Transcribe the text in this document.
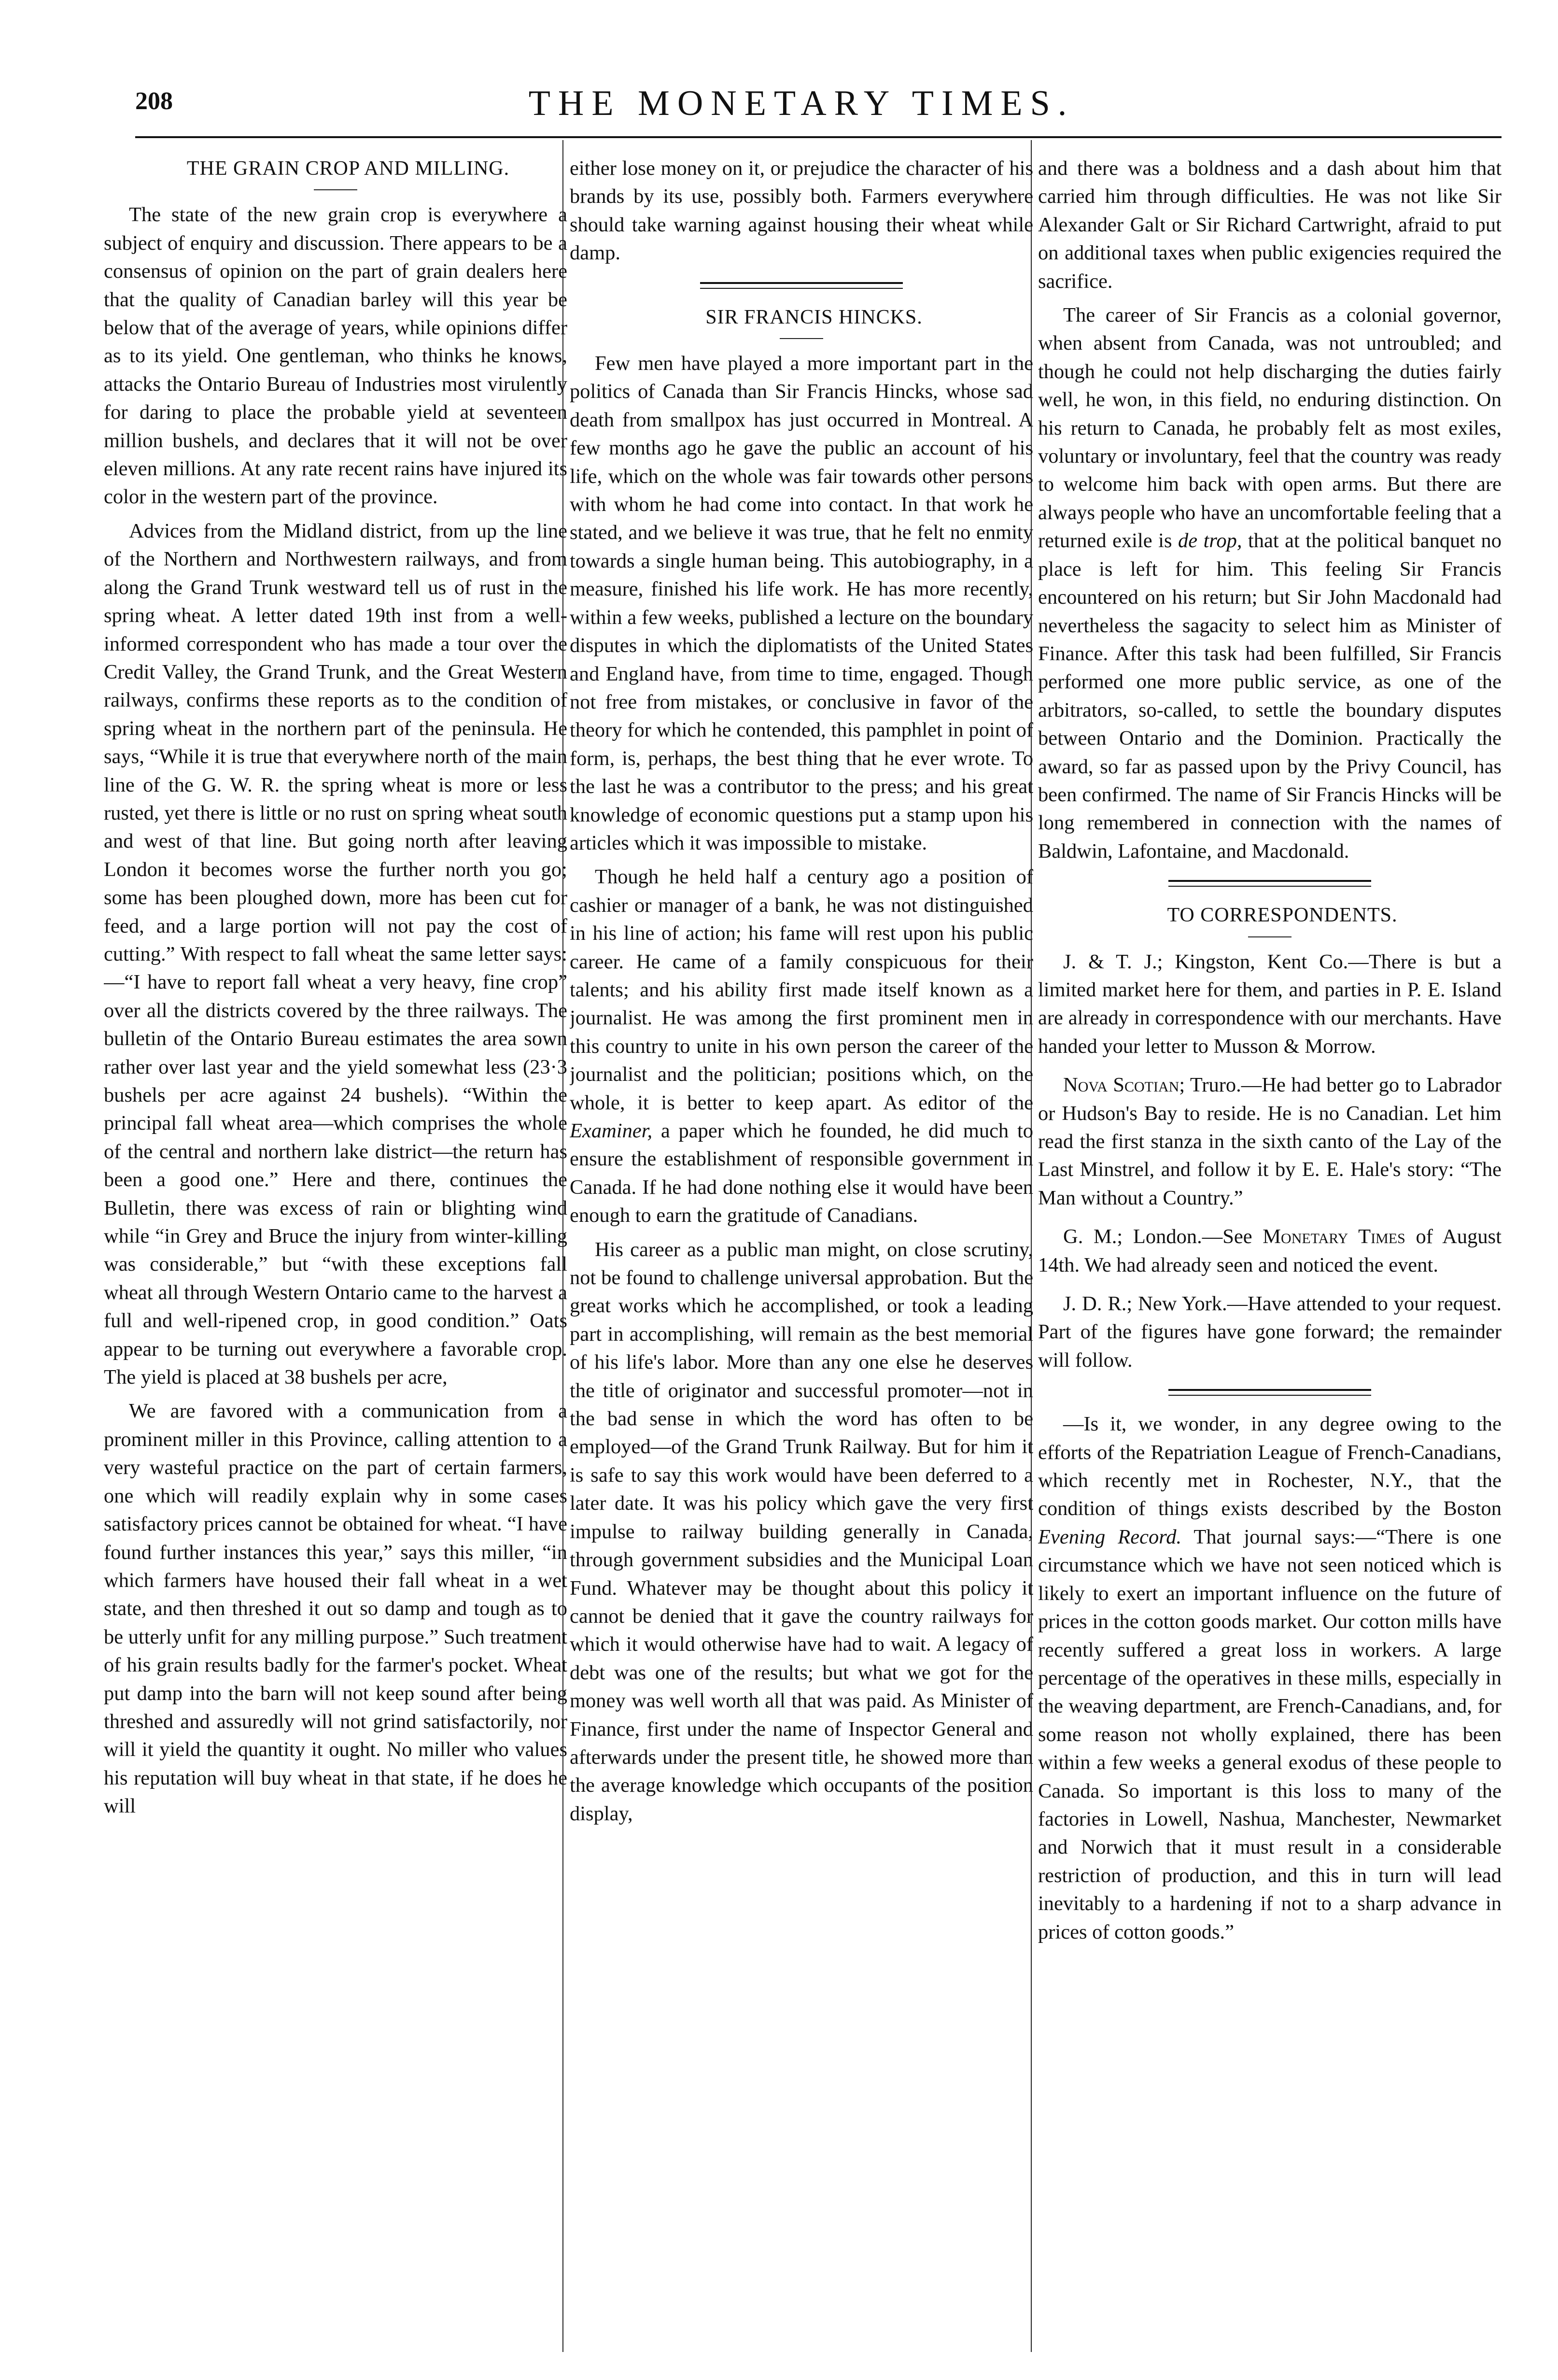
208	THE MONETARY TIMES.

THE GRAIN CROP AND MILLING.

The state of the new grain crop is everywhere a subject of enquiry and discussion. There appears to be a consensus of opinion on the part of grain dealers here that the quality of Canadian barley will this year be below that of the average of years, while opinions differ as to its yield. One gentleman, who thinks he knows, attacks the Ontario Bureau of Industries most virulently for daring to place the probable yield at seventeen million bushels, and declares that it will not be over eleven millions. At any rate recent rains have injured its color in the western part of the province.

Advices from the Midland district, from up the line of the Northern and Northwestern railways, and from along the Grand Trunk westward tell us of rust in the spring wheat. A letter dated 19th inst from a well-informed correspondent who has made a tour over the Credit Valley, the Grand Trunk, and the Great Western railways, confirms these reports as to the condition of spring wheat in the northern part of the peninsula. He says, “While it is true that everywhere north of the main line of the G. W. R. the spring wheat is more or less rusted, yet there is little or no rust on spring wheat south and west of that line. But going north after leaving London it becomes worse the further north you go; some has been ploughed down, more has been cut for feed, and a large portion will not pay the cost of cutting.” With respect to fall wheat the same letter says:—“I have to report fall wheat a very heavy, fine crop” over all the districts covered by the three railways. The bulletin of the Ontario Bureau estimates the area sown rather over last year and the yield somewhat less (23·3 bushels per acre against 24 bushels). “Within the principal fall wheat area—which comprises the whole of the central and northern lake district—the return has been a good one.” Here and there, continues the Bulletin, there was excess of rain or blighting wind while “in Grey and Bruce the injury from winter-killing was considerable,” but “with these exceptions fall wheat all through Western Ontario came to the harvest a full and well-ripened crop, in good condition.” Oats appear to be turning out everywhere a favorable crop. The yield is placed at 38 bushels per acre,

We are favored with a communication from a prominent miller in this Province, calling attention to a very wasteful practice on the part of certain farmers, one which will readily explain why in some cases satisfactory prices cannot be obtained for wheat. “I have found further instances this year,” says this miller, “in which farmers have housed their fall wheat in a wet state, and then threshed it out so damp and tough as to be utterly unfit for any milling purpose.” Such treatment of his grain results badly for the farmer's pocket. Wheat put damp into the barn will not keep sound after being threshed and assuredly will not grind satisfactorily, nor will it yield the quantity it ought. No miller who values his reputation will buy wheat in that state, if he does he will

either lose money on it, or prejudice the character of his brands by its use, possibly both. Farmers everywhere should take warning against housing their wheat while damp.

SIR FRANCIS HINCKS.

Few men have played a more important part in the politics of Canada than Sir Francis Hincks, whose sad death from smallpox has just occurred in Montreal. A few months ago he gave the public an account of his life, which on the whole was fair towards other persons with whom he had come into contact. In that work he stated, and we believe it was true, that he felt no enmity towards a single human being. This autobiography, in a measure, finished his life work. He has more recently, within a few weeks, published a lecture on the boundary disputes in which the diplomatists of the United States and England have, from time to time, engaged. Though not free from mistakes, or conclusive in favor of the theory for which he contended, this pamphlet in point of form, is, perhaps, the best thing that he ever wrote. To the last he was a contributor to the press; and his great knowledge of economic questions put a stamp upon his articles which it was impossible to mistake.

Though he held half a century ago a position of cashier or manager of a bank, he was not distinguished in his line of action; his fame will rest upon his public career. He came of a family conspicuous for their talents; and his ability first made itself known as a journalist. He was among the first prominent men in this country to unite in his own person the career of the journalist and the politician; positions which, on the whole, it is better to keep apart. As editor of the Examiner, a paper which he founded, he did much to ensure the establishment of responsible government in Canada. If he had done nothing else it would have been enough to earn the gratitude of Canadians.

His career as a public man might, on close scrutiny, not be found to challenge universal approbation. But the great works which he accomplished, or took a leading part in accomplishing, will remain as the best memorial of his life's labor. More than any one else he deserves the title of originator and successful promoter—not in the bad sense in which the word has often to be employed—of the Grand Trunk Railway. But for him it is safe to say this work would have been deferred to a later date. It was his policy which gave the very first impulse to railway building generally in Canada, through government subsidies and the Municipal Loan Fund. Whatever may be thought about this policy it cannot be denied that it gave the country railways for which it would otherwise have had to wait. A legacy of debt was one of the results; but what we got for the money was well worth all that was paid. As Minister of Finance, first under the name of Inspector General and afterwards under the present title, he showed more than the average knowledge which occupants of the position display,

and there was a boldness and a dash about him that carried him through difficulties. He was not like Sir Alexander Galt or Sir Richard Cartwright, afraid to put on additional taxes when public exigencies required the sacrifice.

The career of Sir Francis as a colonial governor, when absent from Canada, was not untroubled; and though he could not help discharging the duties fairly well, he won, in this field, no enduring distinction. On his return to Canada, he probably felt as most exiles, voluntary or involuntary, feel that the country was ready to welcome him back with open arms. But there are always people who have an uncomfortable feeling that a returned exile is de trop, that at the political banquet no place is left for him. This feeling Sir Francis encountered on his return; but Sir John Macdonald had nevertheless the sagacity to select him as Minister of Finance. After this task had been fulfilled, Sir Francis performed one more public service, as one of the arbitrators, so-called, to settle the boundary disputes between Ontario and the Dominion. Practically the award, so far as passed upon by the Privy Council, has been confirmed. The name of Sir Francis Hincks will be long remembered in connection with the names of Baldwin, Lafontaine, and Macdonald.

TO CORRESPONDENTS.

J. & T. J.; Kingston, Kent Co.—There is but a limited market here for them, and parties in P. E. Island are already in correspondence with our merchants. Have handed your letter to Musson & Morrow.

Nova Scotian; Truro.—He had better go to Labrador or Hudson's Bay to reside. He is no Canadian. Let him read the first stanza in the sixth canto of the Lay of the Last Minstrel, and follow it by E. E. Hale's story: “The Man without a Country.”

G. M.; London.—See Monetary Times of August 14th. We had already seen and noticed the event.

J. D. R.; New York.—Have attended to your request. Part of the figures have gone forward; the remainder will follow.

—Is it, we wonder, in any degree owing to the efforts of the Repatriation League of French-Canadians, which recently met in Rochester, N.Y., that the condition of things exists described by the Boston Evening Record. That journal says:—“There is one circumstance which we have not seen noticed which is likely to exert an important influence on the future of prices in the cotton goods market. Our cotton mills have recently suffered a great loss in workers. A large percentage of the operatives in these mills, especially in the weaving department, are French-Canadians, and, for some reason not wholly explained, there has been within a few weeks a general exodus of these people to Canada. So important is this loss to many of the factories in Lowell, Nashua, Manchester, Newmarket and Norwich that it must result in a considerable restriction of production, and this in turn will lead inevitably to a hardening if not to a sharp advance in prices of cotton goods.”
